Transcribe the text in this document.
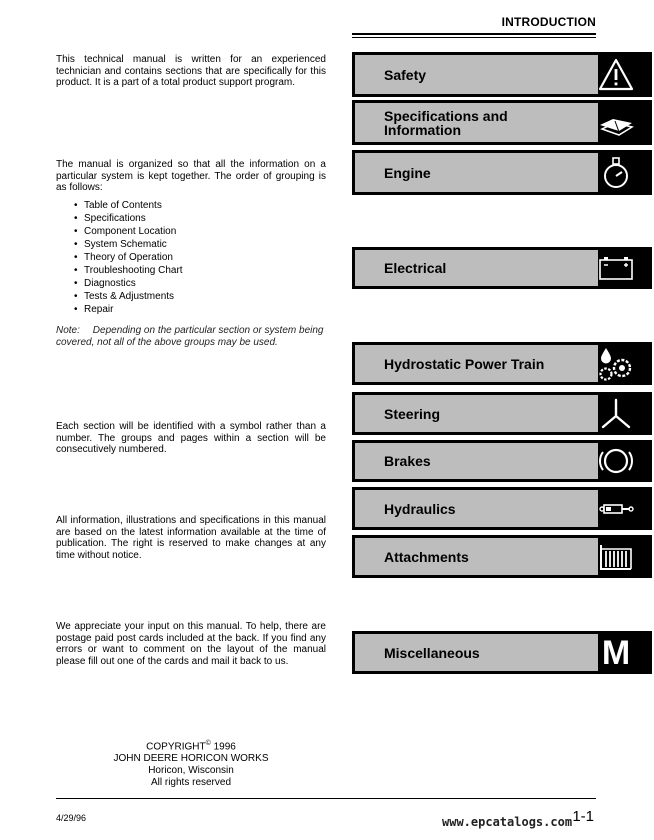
INTRODUCTION

This technical manual is written for an experienced technician and contains sections that are specifically for this product. It is a part of a total product support program.

The manual is organized so that all the information on a particular system is kept together. The order of grouping is as follows:

• Table of Contents
• Specifications
• Component Location
• System Schematic
• Theory of Operation
• Troubleshooting Chart
• Diagnostics
• Tests & Adjustments
• Repair
Note: Depending on the particular section or system being covered, not all of the above groups may be used.

Each section will be identified with a symbol rather than a number. The groups and pages within a section will be consecutively numbered.

All information, illustrations and specifications in this manual are based on the latest information available at the time of publication. The right is reserved to make changes at any time without notice.

We appreciate your input on this manual. To help, there are postage paid post cards included at the back. If you find any errors or want to comment on the layout of the manual please fill out one of the cards and mail it back to us.

COPYRIGHT© 1996
JOHN DEERE HORICON WORKS
Horicon, Wisconsin
All rights reserved
Safety
Specifications and Information
Engine
Electrical
Hydrostatic Power Train
Steering
Brakes
Hydraulics
Attachments
Miscellaneous	M
4/29/96	1-1
www.epcatalogs.com
